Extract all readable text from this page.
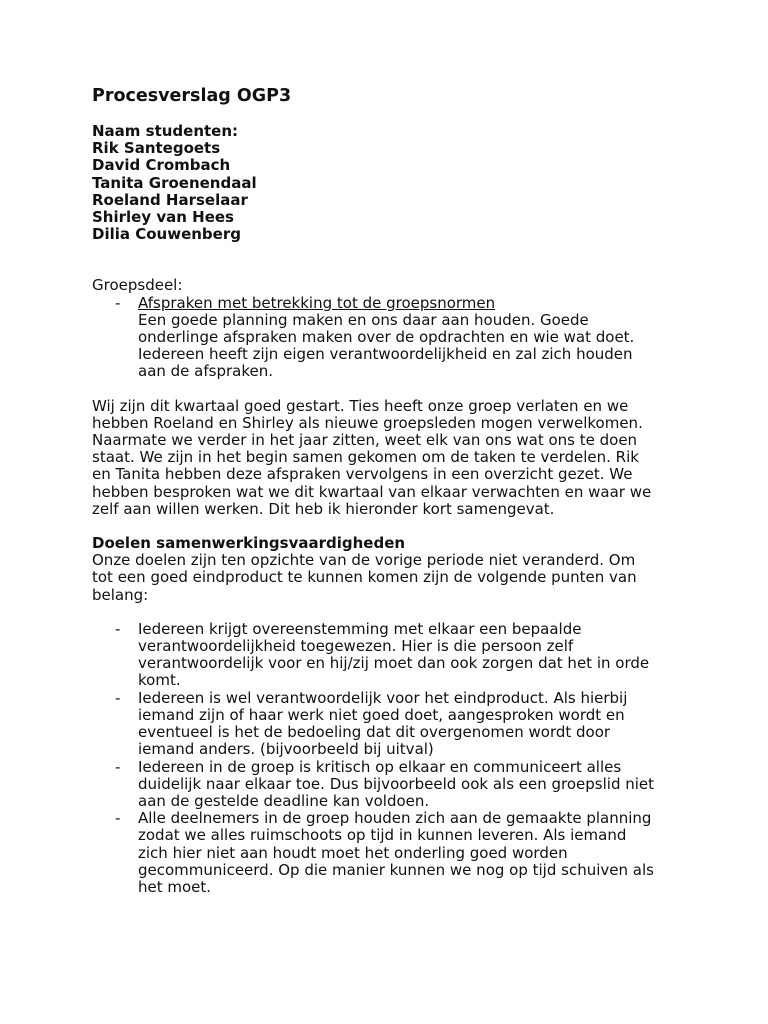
Procesverslag OGP3
Naam studenten:
Rik Santegoets
David Crombach
Tanita Groenendaal
Roeland Harselaar
Shirley van Hees
Dilia Couwenberg
Groepsdeel:
- Afspraken met betrekking tot de groepsnormen
Een goede planning maken en ons daar aan houden. Goede
onderlinge afspraken maken over de opdrachten en wie wat doet.
Iedereen heeft zijn eigen verantwoordelijkheid en zal zich houden
aan de afspraken.
Wij zijn dit kwartaal goed gestart. Ties heeft onze groep verlaten en we
hebben Roeland en Shirley als nieuwe groepsleden mogen verwelkomen.
Naarmate we verder in het jaar zitten, weet elk van ons wat ons te doen
staat. We zijn in het begin samen gekomen om de taken te verdelen. Rik
en Tanita hebben deze afspraken vervolgens in een overzicht gezet. We
hebben besproken wat we dit kwartaal van elkaar verwachten en waar we
zelf aan willen werken. Dit heb ik hieronder kort samengevat.
Doelen samenwerkingsvaardigheden
Onze doelen zijn ten opzichte van de vorige periode niet veranderd. Om
tot een goed eindproduct te kunnen komen zijn de volgende punten van
belang:
- Iedereen krijgt overeenstemming met elkaar een bepaalde
verantwoordelijkheid toegewezen. Hier is die persoon zelf
verantwoordelijk voor en hij/zij moet dan ook zorgen dat het in orde
komt.
- Iedereen is wel verantwoordelijk voor het eindproduct. Als hierbij
iemand zijn of haar werk niet goed doet, aangesproken wordt en
eventueel is het de bedoeling dat dit overgenomen wordt door
iemand anders. (bijvoorbeeld bij uitval)
- Iedereen in de groep is kritisch op elkaar en communiceert alles
duidelijk naar elkaar toe. Dus bijvoorbeeld ook als een groepslid niet
aan de gestelde deadline kan voldoen.
- Alle deelnemers in de groep houden zich aan de gemaakte planning
zodat we alles ruimschoots op tijd in kunnen leveren. Als iemand
zich hier niet aan houdt moet het onderling goed worden
gecommuniceerd. Op die manier kunnen we nog op tijd schuiven als
het moet.
